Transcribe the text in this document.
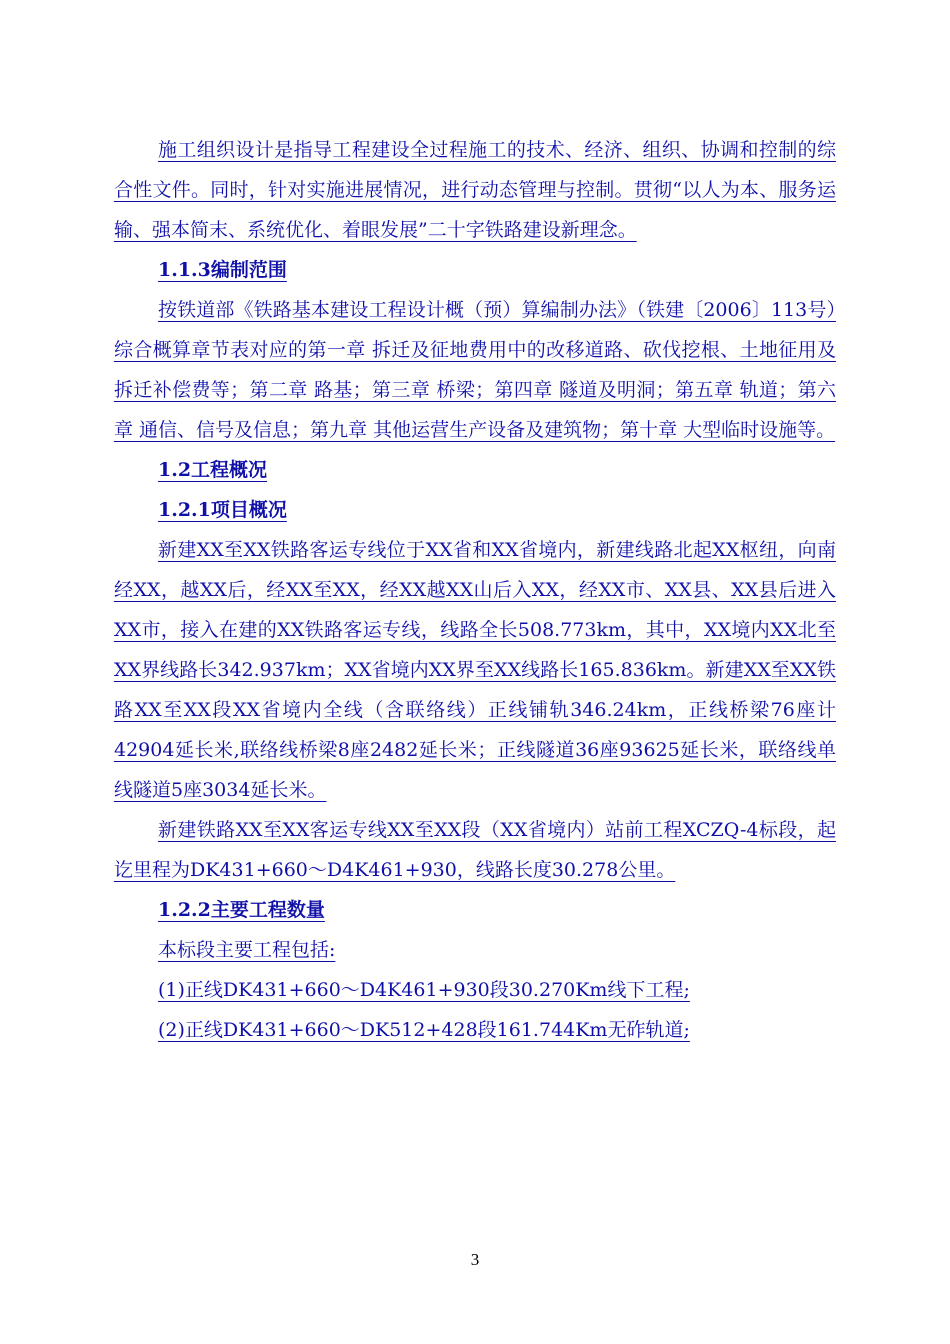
施工组织设计是指导工程建设全过程施工的技术、经济、组织、协调和控制的综合性文件。同时，针对实施进展情况，进行动态管理与控制。贯彻“以人为本、服务运输、强本简末、系统优化、着眼发展”二十字铁路建设新理念。

1.1.3编制范围

按铁道部《铁路基本建设工程设计概（预）算编制办法》（铁建〔2006〕113号）综合概算章节表对应的第一章 拆迁及征地费用中的改移道路、砍伐挖根、土地征用及拆迁补偿费等；第二章 路基；第三章 桥梁；第四章 隧道及明洞；第五章 轨道；第六章 通信、信号及信息；第九章 其他运营生产设备及建筑物；第十章 大型临时设施等。

1.2工程概况

1.2.1项目概况

新建XX至XX铁路客运专线位于XX省和XX省境内，新建线路北起XX枢纽，向南经XX，越XX后，经XX至XX，经XX越XX山后入XX，经XX市、XX县、XX县后进入XX市，接入在建的XX铁路客运专线，线路全长508.773km，其中，XX境内XX北至XX界线路长342.937km；XX省境内XX界至XX线路长165.836km。新建XX至XX铁路XX至XX段XX省境内全线（含联络线）正线铺轨346.24km，正线桥梁76座计42904延长米,联络线桥梁8座2482延长米；正线隧道36座93625延长米，联络线单线隧道5座3034延长米。

新建铁路XX至XX客运专线XX至XX段（XX省境内）站前工程XCZQ-4标段，起讫里程为DK431+660～D4K461+930，线路长度30.278公里。

1.2.2主要工程数量

本标段主要工程包括:

(1)正线DK431+660～D4K461+930段30.270Km线下工程;

(2)正线DK431+660～DK512+428段161.744Km无砟轨道;

3
